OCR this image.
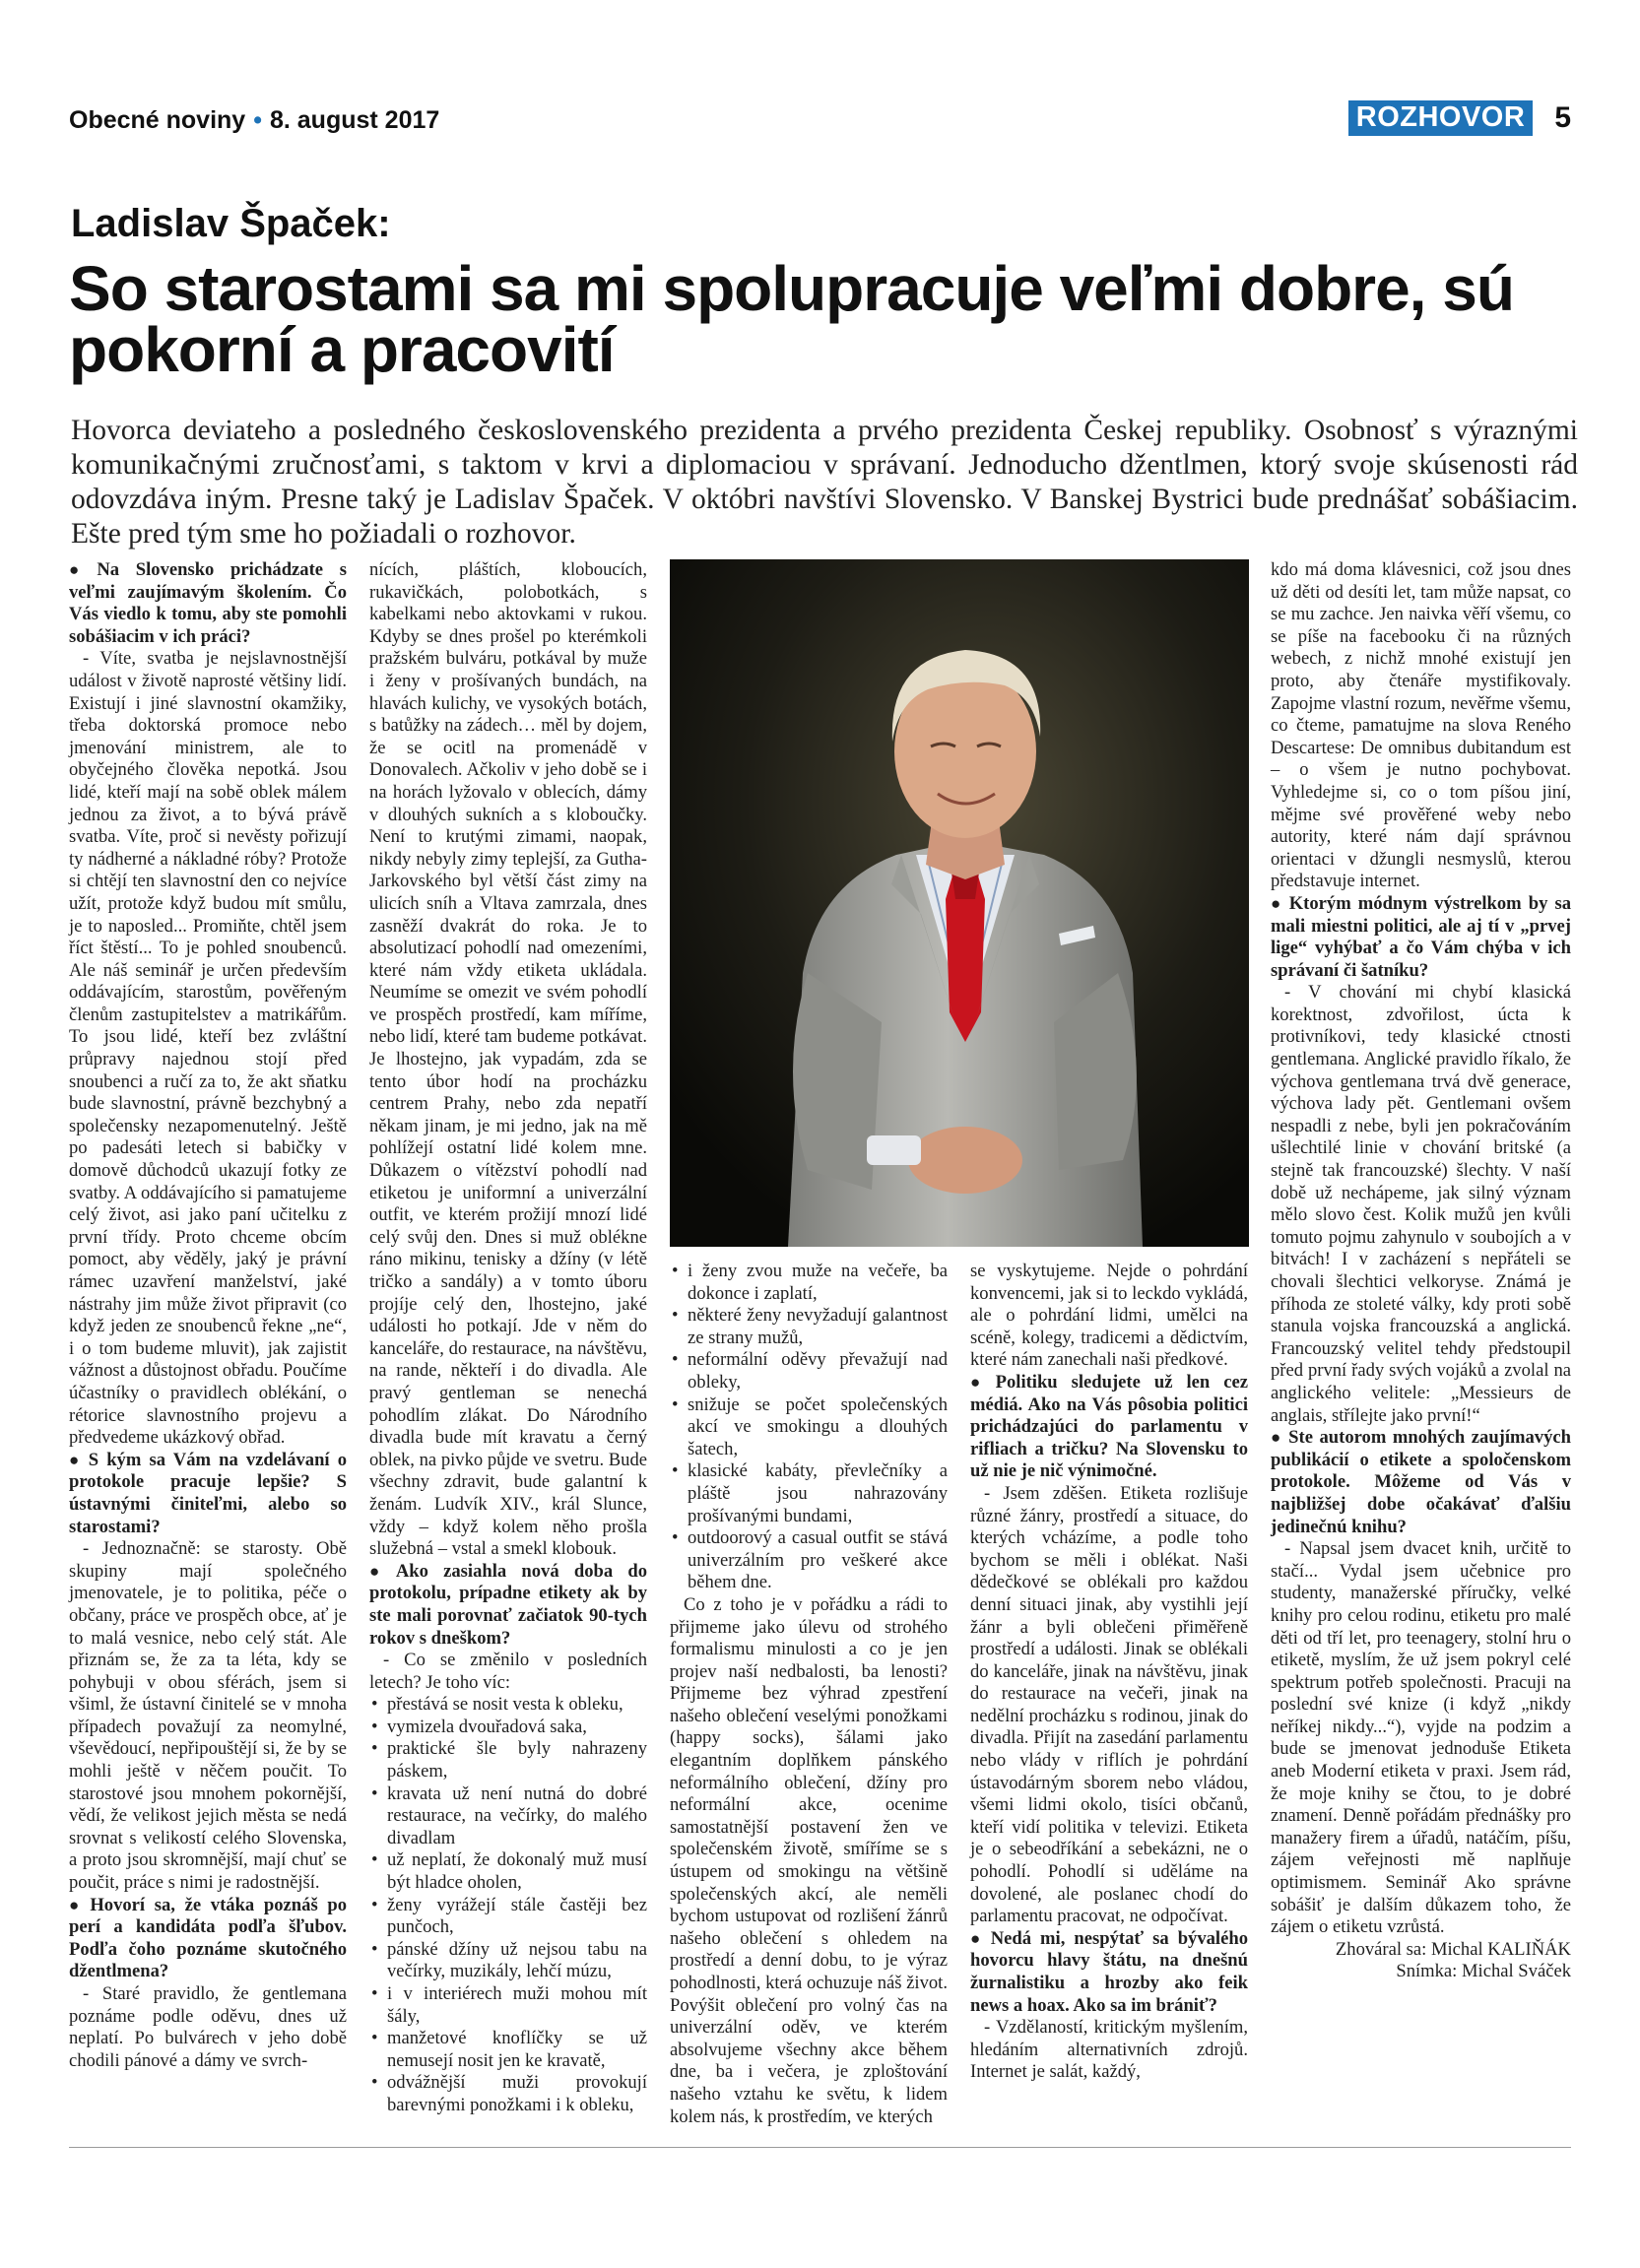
Obecné noviny • 8. august 2017	ROZHOVOR 5
Ladislav Špaček:
So starostami sa mi spolupracuje veľmi dobre, sú pokorní a pracovití
Hovorca deviateho a posledného československého prezidenta a prvého prezidenta Českej republiky. Osobnosť s výraznými komunikačnými zručnosťami, s taktom v krvi a diplomaciou v správaní. Jednoducho džentlmen, ktorý svoje skúsenosti rád odovzdáva iným. Presne taký je Ladislav Špaček. V októbri navštívi Slovensko. V Banskej Bystrici bude prednášať sobášiacim. Ešte pred tým sme ho požiadali o rozhovor.

● Na Slovensko prichádzate s veľmi zaujímavým školením. Čo Vás viedlo k tomu, aby ste pomohli sobášiacim v ich práci?

- Víte, svatba je nejslavnostnější událost v životě naprosté většiny lidí. Existují i jiné slavnostní okamžiky, třeba doktorská promoce nebo jmenování ministrem, ale to obyčejného člověka nepotká. Jsou lidé, kteří mají na sobě oblek málem jednou za život, a to bývá právě svatba. Víte, proč si nevěsty pořizují ty nádherné a nákladné róby? Protože si chtějí ten slavnostní den co nejvíce užít, protože když budou mít smůlu, je to naposled... Promiňte, chtěl jsem říct štěstí... To je pohled snoubenců. Ale náš seminář je určen především oddávajícím, starostům, pověřeným členům zastupitelstev a matrikářům. To jsou lidé, kteří bez zvláštní průpravy najednou stojí před snoubenci a ručí za to, že akt sňatku bude slavnostní, právně bezchybný a společensky nezapomenutelný. Ještě po padesáti letech si babičky v domově důchodců ukazují fotky ze svatby. A oddávajícího si pamatujeme celý život, asi jako paní učitelku z první třídy. Proto chceme obcím pomoct, aby věděly, jaký je právní rámec uzavření manželství, jaké nástrahy jim může život připravit (co když jeden ze snoubenců řekne „ne“, i o tom budeme mluvit), jak zajistit vážnost a důstojnost obřadu. Poučíme účastníky o pravidlech oblékání, o rétorice slavnostního projevu a předvedeme ukázkový obřad.

● S kým sa Vám na vzdelávaní o protokole pracuje lepšie? S ústavnými činiteľmi, alebo so starostami?

- Jednoznačně: se starosty. Obě skupiny mají společného jmenovatele, je to politika, péče o občany, práce ve prospěch obce, ať je to malá vesnice, nebo celý stát. Ale přiznám se, že za ta léta, kdy se pohybuji v obou sférách, jsem si všiml, že ústavní činitelé se v mnoha případech považují za neomylné, vševědoucí, nepřipouštějí si, že by se mohli ještě v něčem poučit. To starostové jsou mnohem pokornější, vědí, že velikost jejich města se nedá srovnat s velikostí celého Slovenska, a proto jsou skromnější, mají chuť se poučit, práce s nimi je radostnější.

● Hovorí sa, že vtáka poznáš po perí a kandidáta podľa šľubov. Podľa čoho poznáme skutočného džentlmena?

- Staré pravidlo, že gentlemana poznáme podle oděvu, dnes už neplatí. Po bulvárech v jeho době chodili pánové a dámy ve svrch-

nících, pláštích, kloboucích, rukavičkách, polobotkách, s kabelkami nebo aktovkami v rukou. Kdyby se dnes prošel po kterémkoli pražském bulváru, potkával by muže i ženy v prošívaných bundách, na hlavách kulichy, ve vysokých botách, s batůžky na zádech… měl by dojem, že se ocitl na promenádě v Donovalech. Ačkoliv v jeho době se i na horách lyžovalo v oblecích, dámy v dlouhých sukních a s kloboučky. Není to krutými zimami, naopak, nikdy nebyly zimy teplejší, za Gutha-Jarkovského byl větší část zimy na ulicích sníh a Vltava zamrzala, dnes zasněží dvakrát do roka. Je to absolutizací pohodlí nad omezeními, které nám vždy etiketa ukládala. Neumíme se omezit ve svém pohodlí ve prospěch prostředí, kam míříme, nebo lidí, které tam budeme potkávat. Je lhostejno, jak vypadám, zda se tento úbor hodí na procházku centrem Prahy, nebo zda nepatří někam jinam, je mi jedno, jak na mě pohlížejí ostatní lidé kolem mne. Důkazem o vítězství pohodlí nad etiketou je uniformní a univerzální outfit, ve kterém prožijí mnozí lidé celý svůj den. Dnes si muž oblékne ráno mikinu, tenisky a džíny (v létě tričko a sandály) a v tomto úboru projíje celý den, lhostejno, jaké události ho potkají. Jde v něm do kanceláře, do restaurace, na návštěvu, na rande, někteří i do divadla. Ale pravý gentleman se nenechá pohodlím zlákat. Do Národního divadla bude mít kravatu a černý oblek, na pivko půjde ve svetru. Bude všechny zdravit, bude galantní k ženám. Ludvík XIV., král Slunce, vždy – když kolem něho prošla služebná – vstal a smekl klobouk.

● Ako zasiahla nová doba do protokolu, prípadne etikety ak by ste mali porovnať začiatok 90-tych rokov s dneškom?

- Co se změnilo v posledních letech? Je toho víc:

• přestává se nosit vesta k obleku,
• vymizela dvouřadová saka,
• praktické šle byly nahrazeny páskem,
• kravata už není nutná do dobré restaurace, na večírky, do malého divadlam
• už neplatí, že dokonalý muž musí být hladce oholen,
• ženy vyrážejí stále častěji bez punčoch,
• pánské džíny už nejsou tabu na večírky, muzikály, lehčí múzu,
• i v interiérech muži mohou mít šály,
• manžetové knoflíčky se už nemusejí nosit jen ke kravatě,
• odvážnější muži provokují barevnými ponožkami i k obleku,
• i ženy zvou muže na večeře, ba dokonce i zaplatí,
• některé ženy nevyžadují galantnost ze strany mužů,
• neformální oděvy převažují nad obleky,
• snižuje se počet společenských akcí ve smokingu a dlouhých šatech,
• klasické kabáty, převlečníky a pláště jsou nahrazovány prošívanými bundami,
• outdoorový a casual outfit se stává univerzálním pro veškeré akce během dne.

Co z toho je v pořádku a rádi to přijmeme jako úlevu od strohého formalismu minulosti a co je jen projev naší nedbalosti, ba lenosti? Přijmeme bez výhrad zpestření našeho oblečení veselými ponožkami (happy socks), šálami jako elegantním doplňkem pánského neformálního oblečení, džíny pro neformální akce, ocenime samostatnější postavení žen ve společenském životě, smíříme se s ústupem od smokingu na většině společenských akcí, ale neměli bychom ustupovat od rozlišení žánrů našeho oblečení s ohledem na prostředí a denní dobu, to je výraz pohodlnosti, která ochuzuje náš život. Povýšit oblečení pro volný čas na univerzální oděv, ve kterém absolvujeme všechny akce během dne, ba i večera, je zploštování našeho vztahu ke světu, k lidem kolem nás, k prostředím, ve kterých

se vyskytujeme. Nejde o pohrdání konvencemi, jak si to leckdo vykládá, ale o pohrdání lidmi, umělci na scéně, kolegy, tradicemi a dědictvím, které nám zanechali naši předkové.

● Politiku sledujete už len cez médiá. Ako na Vás pôsobia politici prichádzajúci do parlamentu v rifliach a tričku? Na Slovensku to už nie je nič výnimočné.

- Jsem zděšen. Etiketa rozlišuje různé žánry, prostředí a situace, do kterých vcházíme, a podle toho bychom se měli i oblékat. Naši dědečkové se oblékali pro každou denní situaci jinak, aby vystihli její žánr a byli oblečeni přiměřeně prostředí a události. Jinak se oblékali do kanceláře, jinak na návštěvu, jinak do restaurace na večeři, jinak na nedělní procházku s rodinou, jinak do divadla. Přijít na zasedání parlamentu nebo vlády v riflích je pohrdání ústavodárným sborem nebo vládou, všemi lidmi okolo, tisíci občanů, kteří vidí politika v televizi. Etiketa je o sebeodříkání a sebekázni, ne o pohodlí. Pohodlí si uděláme na dovolené, ale poslanec chodí do parlamentu pracovat, ne odpočívat.

● Nedá mi, nespýtať sa bývalého hovorcu hlavy štátu, na dnešnú žurnalistiku a hrozby ako feik news a hoax. Ako sa im brániť?

- Vzdělaností, kritickým myšlením, hledáním alternativních zdrojů. Internet je salát, každý,

kdo má doma klávesnici, což jsou dnes už děti od desíti let, tam může napsat, co se mu zachce. Jen naivka věří všemu, co se píše na facebooku či na různých webech, z nichž mnohé existují jen proto, aby čtenáře mystifikovaly. Zapojme vlastní rozum, nevěřme všemu, co čteme, pamatujme na slova Reného Descartese: De omnibus dubitandum est – o všem je nutno pochybovat. Vyhledejme si, co o tom píšou jiní, mějme své prověřené weby nebo autority, které nám dají správnou orientaci v džungli nesmyslů, kterou představuje internet.

● Ktorým módnym výstrelkom by sa mali miestni politici, ale aj tí v „prvej lige“ vyhýbať a čo Vám chýba v ich správaní či šatníku?

- V chování mi chybí klasická korektnost, zdvořilost, úcta k protivníkovi, tedy klasické ctnosti gentlemana. Anglické pravidlo říkalo, že výchova gentlemana trvá dvě generace, výchova lady pět. Gentlemani ovšem nespadli z nebe, byli jen pokračováním ušlechtilé linie v chování britské (a stejně tak francouzské) šlechty. V naší době už nechápeme, jak silný význam mělo slovo čest. Kolik mužů jen kvůli tomuto pojmu zahynulo v soubojích a v bitvách! I v zacházení s nepřáteli se chovali šlechtici velkoryse. Známá je příhoda ze stoleté války, kdy proti sobě stanula vojska francouzská a anglická. Francouzský velitel tehdy předstoupil před první řady svých vojáků a zvolal na anglického velitele: „Messieurs de anglais, střílejte jako první!“

● Ste autorom mnohých zaujímavých publikácií o etikete a spoločenskom protokole. Môžeme od Vás v najbližšej dobe očakávať ďalšiu jedinečnú knihu?

- Napsal jsem dvacet knih, určitě to stačí... Vydal jsem učebnice pro studenty, manažerské příručky, velké knihy pro celou rodinu, etiketu pro malé děti od tří let, pro teenagery, stolní hru o etiketě, myslím, že už jsem pokryl celé spektrum potřeb společnosti. Pracuji na poslední své knize (i když „nikdy neříkej nikdy...“), vyjde na podzim a bude se jmenovat jednoduše Etiketa aneb Moderní etiketa v praxi. Jsem rád, že moje knihy se čtou, to je dobré znamení. Denně pořádám přednášky pro manažery firem a úřadů, natáčím, píšu, zájem veřejnosti mě naplňuje optimismem. Seminář Ako správne sobášiť je dalším důkazem toho, že zájem o etiketu vzrůstá.

Zhováral sa: Michal KALIŇÁK

Snímka: Michal Sváček
